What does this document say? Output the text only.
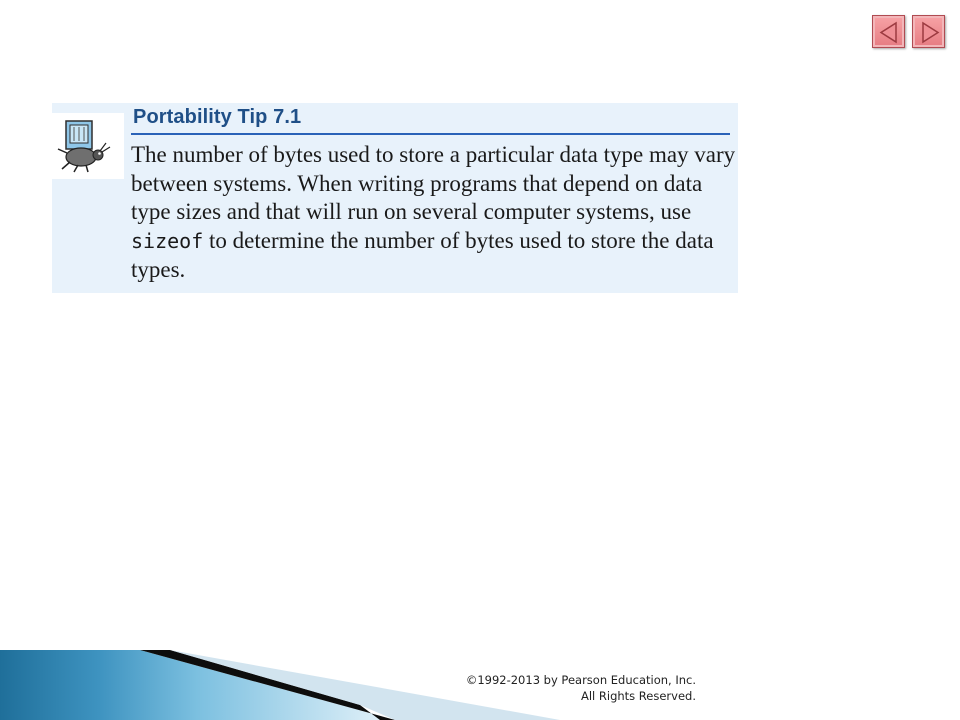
Portability Tip 7.1

The number of bytes used to store a particular data type may vary between systems. When writing programs that depend on data type sizes and that will run on several computer systems, use sizeof to determine the number of bytes used to store the data types.

©1992-2013 by Pearson Education, Inc.
All Rights Reserved.
